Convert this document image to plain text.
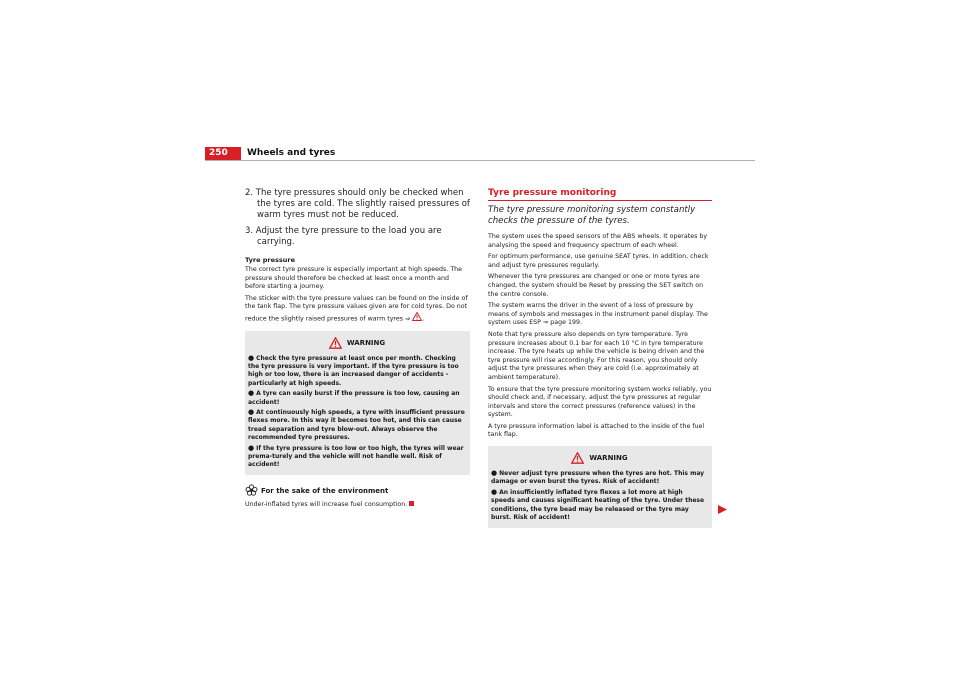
250 Wheels and tyres

2. The tyre pressures should only be checked when the tyres are cold. The slightly raised pressures of warm tyres must not be reduced.

3. Adjust the tyre pressure to the load you are carrying.

Tyre pressure

The correct tyre pressure is especially important at high speeds. The pressure should therefore be checked at least once a month and before starting a journey.

The sticker with the tyre pressure values can be found on the inside of the tank flap. The tyre pressure values given are for cold tyres. Do not reduce the slightly raised pressures of warm tyres ⇒ .

WARNING

● Check the tyre pressure at least once per month. Checking the tyre pressure is very important. If the tyre pressure is too high or too low, there is an increased danger of accidents - particularly at high speeds.

● A tyre can easily burst if the pressure is too low, causing an accident!

● At continuously high speeds, a tyre with insufficient pressure flexes more. In this way it becomes too hot, and this can cause tread separation and tyre blow-out. Always observe the recommended tyre pressures.

● If the tyre pressure is too low or too high, the tyres will wear prema-turely and the vehicle will not handle well. Risk of accident!

For the sake of the environment

Under-inflated tyres will increase fuel consumption.

Tyre pressure monitoring

The tyre pressure monitoring system constantly checks the pressure of the tyres.

The system uses the speed sensors of the ABS wheels. It operates by analysing the speed and frequency spectrum of each wheel.

For optimum performance, use genuine SEAT tyres. In addition, check and adjust tyre pressures regularly.

Whenever the tyre pressures are changed or one or more tyres are changed, the system should be Reset by pressing the SET switch on the centre console.

The system warns the driver in the event of a loss of pressure by means of symbols and messages in the instrument panel display. The system uses ESP ⇒ page 199.

Note that tyre pressure also depends on tyre temperature. Tyre pressure increases about 0.1 bar for each 10 °C in tyre temperature increase. The tyre heats up while the vehicle is being driven and the tyre pressure will rise accordingly. For this reason, you should only adjust the tyre pressures when they are cold (i.e. approximately at ambient temperature).

To ensure that the tyre pressure monitoring system works reliably, you should check and, if necessary, adjust the tyre pressures at regular intervals and store the correct pressures (reference values) in the system.

A tyre pressure information label is attached to the inside of the fuel tank flap.

WARNING

● Never adjust tyre pressure when the tyres are hot. This may damage or even burst the tyres. Risk of accident!

● An insufficiently inflated tyre flexes a lot more at high speeds and causes significant heating of the tyre. Under these conditions, the tyre bead may be released or the tyre may burst. Risk of accident!
